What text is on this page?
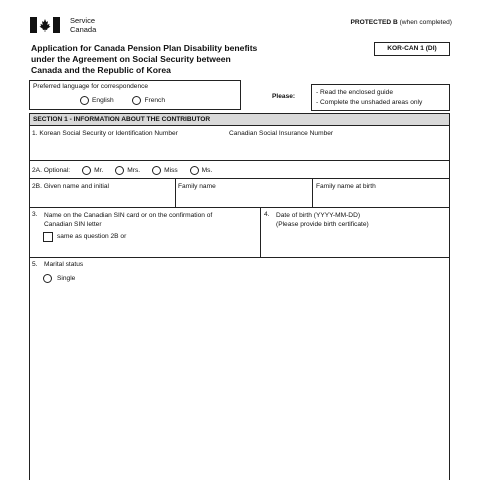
Service
Canada
PROTECTED B (when completed)
KOR-CAN 1 (DI)
Application for Canada Pension Plan Disability benefits
under the Agreement on Social Security between
Canada and the Republic of Korea
Preferred language for correspondence
English
	French
Please:
- Read the enclosed guide
- Complete the unshaded areas only
SECTION 1 - INFORMATION ABOUT THE CONTRIBUTOR
1. Korean Social Security or Identification Number	Canadian Social Insurance Number
2A. Optional:	Mr.	Mrs.	Miss	Ms.
2B. Given name and initial	Family name	Family name at birth
3. Name on the Canadian SIN card or on the confirmation of
Canadian SIN letter
same as question 2B or
4. Date of birth (YYYY-MM-DD)
(Please provide birth certificate)
5. Marital status
Single
